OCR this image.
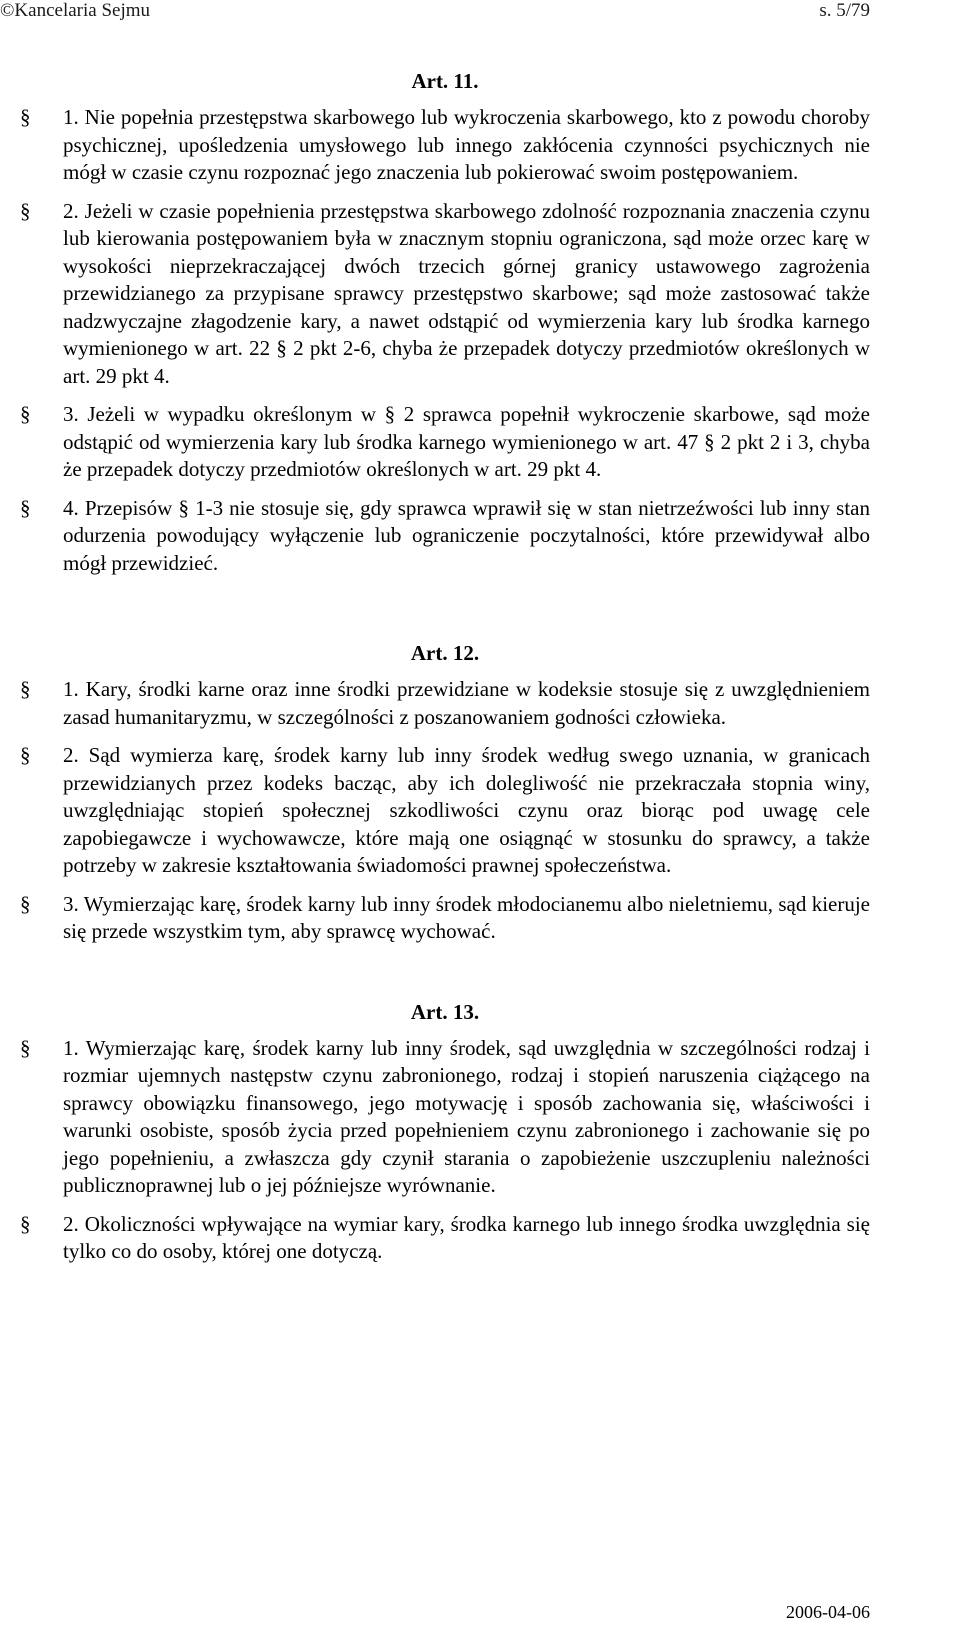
©Kancelaria Sejmu	s. 5/79
Art. 11.
§ 1. Nie popełnia przestępstwa skarbowego lub wykroczenia skarbowego, kto z powodu choroby psychicznej, upośledzenia umysłowego lub innego zakłócenia czynności psychicznych nie mógł w czasie czynu rozpoznać jego znaczenia lub pokierować swoim postępowaniem.
§ 2. Jeżeli w czasie popełnienia przestępstwa skarbowego zdolność rozpoznania znaczenia czynu lub kierowania postępowaniem była w znacznym stopniu ograniczona, sąd może orzec karę w wysokości nieprzekraczającej dwóch trzecich górnej granicy ustawowego zagrożenia przewidzianego za przypisane sprawcy przestępstwo skarbowe; sąd może zastosować także nadzwyczajne złagodzenie kary, a nawet odstąpić od wymierzenia kary lub środka karnego wymienionego w art. 22 § 2 pkt 2-6, chyba że przepadek dotyczy przedmiotów określonych w art. 29 pkt 4.
§ 3. Jeżeli w wypadku określonym w § 2 sprawca popełnił wykroczenie skarbowe, sąd może odstąpić od wymierzenia kary lub środka karnego wymienionego w art. 47 § 2 pkt 2 i 3, chyba że przepadek dotyczy przedmiotów określonych w art. 29 pkt 4.
§ 4. Przepisów § 1-3 nie stosuje się, gdy sprawca wprawił się w stan nietrzeźwości lub inny stan odurzenia powodujący wyłączenie lub ograniczenie poczytalności, które przewidywał albo mógł przewidzieć.
Art. 12.
§ 1. Kary, środki karne oraz inne środki przewidziane w kodeksie stosuje się z uwzględnieniem zasad humanitaryzmu, w szczególności z poszanowaniem godności człowieka.
§ 2. Sąd wymierza karę, środek karny lub inny środek według swego uznania, w granicach przewidzianych przez kodeks bacząc, aby ich dolegliwość nie przekraczała stopnia winy, uwzględniając stopień społecznej szkodliwości czynu oraz biorąc pod uwagę cele zapobiegawcze i wychowawcze, które mają one osiągnąć w stosunku do sprawcy, a także potrzeby w zakresie kształtowania świadomości prawnej społeczeństwa.
§ 3. Wymierzając karę, środek karny lub inny środek młodocianemu albo nieletniemu, sąd kieruje się przede wszystkim tym, aby sprawcę wychować.
Art. 13.
§ 1. Wymierzając karę, środek karny lub inny środek, sąd uwzględnia w szczególności rodzaj i rozmiar ujemnych następstw czynu zabronionego, rodzaj i stopień naruszenia ciążącego na sprawcy obowiązku finansowego, jego motywację i sposób zachowania się, właściwości i warunki osobiste, sposób życia przed popełnieniem czynu zabronionego i zachowanie się po jego popełnieniu, a zwłaszcza gdy czynił starania o zapobieżenie uszczupleniu należności publicznoprawnej lub o jej późniejsze wyrównanie.
§ 2. Okoliczności wpływające na wymiar kary, środka karnego lub innego środka uwzględnia się tylko co do osoby, której one dotyczą.
2006-04-06
